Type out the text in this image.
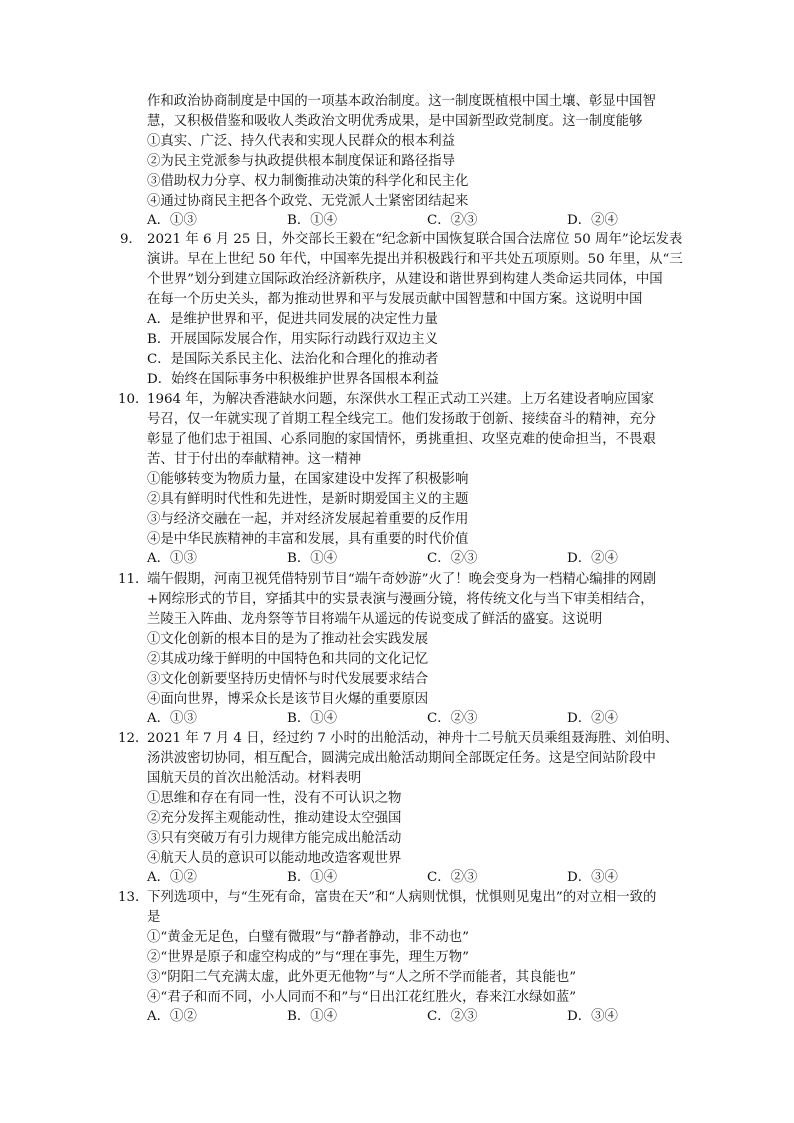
作和政治协商制度是中国的一项基本政治制度。这一制度既植根中国土壤、彰显中国智
慧，又积极借鉴和吸收人类政治文明优秀成果，是中国新型政党制度。这一制度能够
①真实、广泛、持久代表和实现人民群众的根本利益
②为民主党派参与执政提供根本制度保证和路径指导
③借助权力分享、权力制衡推动决策的科学化和民主化
④通过协商民主把各个政党、无党派人士紧密团结起来
A．①③	B．①④	C．②③	D．②④
9． 2021 年 6 月 25 日，外交部长王毅在“纪念新中国恢复联合国合法席位 50 周年”论坛发表
演讲。早在上世纪 50 年代，中国率先提出并积极践行和平共处五项原则。50 年里，从“三
个世界”划分到建立国际政治经济新秩序，从建设和谐世界到构建人类命运共同体，中国
在每一个历史关头，都为推动世界和平与发展贡献中国智慧和中国方案。这说明中国
A．是维护世界和平，促进共同发展的决定性力量
B．开展国际发展合作，用实际行动践行双边主义
C．是国际关系民主化、法治化和合理化的推动者
D．始终在国际事务中积极维护世界各国根本利益
10．
1964 年，为解决香港缺水问题，东深供水工程正式动工兴建。上万名建设者响应国家
号召，仅一年就实现了首期工程全线完工。他们发扬敢于创新、接续奋斗的精神，充分
彰显了他们忠于祖国、心系同胞的家国情怀，勇挑重担、攻坚克难的使命担当，不畏艰
苦、甘于付出的奉献精神。这一精神
①能够转变为物质力量，在国家建设中发挥了积极影响
②具有鲜明时代性和先进性，是新时期爱国主义的主题
③与经济交融在一起，并对经济发展起着重要的反作用
④是中华民族精神的丰富和发展，具有重要的时代价值
A．①③	B．①④	C．②③	D．②④
11．
端午假期，河南卫视凭借特别节目“端午奇妙游”火了！晚会变身为一档精心编排的网剧
+网综形式的节目，穿插其中的实景表演与漫画分镜，将传统文化与当下审美相结合，
兰陵王入阵曲、龙舟祭等节目将端午从遥远的传说变成了鲜活的盛宴。这说明
①文化创新的根本目的是为了推动社会实践发展
②其成功缘于鲜明的中国特色和共同的文化记忆
③文化创新要坚持历史情怀与时代发展要求结合
④面向世界，博采众长是该节目火爆的重要原因
A．①③	B．①④	C．②③	D．②④
12．
2021 年 7 月 4 日，经过约 7 小时的出舱活动，神舟十二号航天员乘组聂海胜、刘伯明、
汤洪波密切协同，相互配合，圆满完成出舱活动期间全部既定任务。这是空间站阶段中
国航天员的首次出舱活动。材料表明
①思维和存在有同一性，没有不可认识之物
②充分发挥主观能动性，推动建设太空强国
③只有突破万有引力规律方能完成出舱活动
④航天人员的意识可以能动地改造客观世界
A．①②	B．①④	C．②③	D．③④
13．
下列选项中，与“生死有命，富贵在天”和“人病则忧惧，忧惧则见鬼出”的对立相一致的
是
①“黄金无足色，白璧有微瑕”与“静者静动，非不动也”
②“世界是原子和虚空构成的”与“理在事先，理生万物”
③“阴阳二气充满太虚，此外更无他物”与“人之所不学而能者，其良能也”
④“君子和而不同，小人同而不和”与“日出江花红胜火，春来江水绿如蓝”
A．①②	B．①④	C．②③	D．③④
